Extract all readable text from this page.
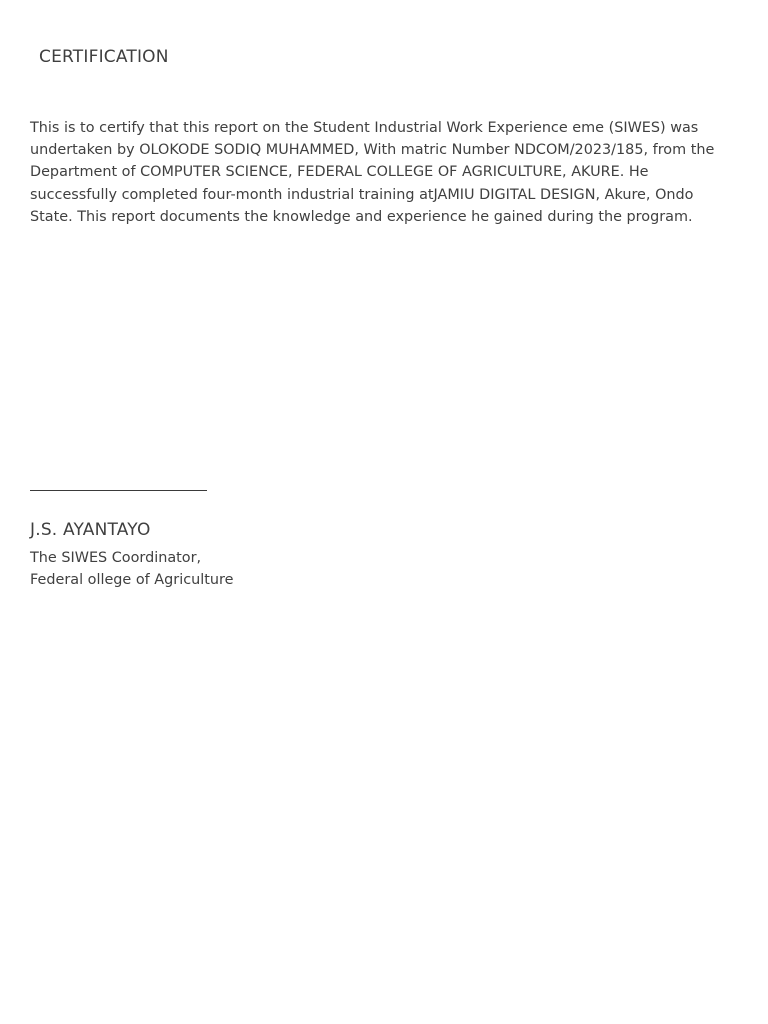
CERTIFICATION

This is to certify that this report on the Student Industrial Work Experience eme (SIWES) was undertaken by OLOKODE SODIQ MUHAMMED, With matric Number NDCOM/2023/185, from the Department of COMPUTER SCIENCE, FEDERAL COLLEGE OF AGRICULTURE, AKURE. He successfully completed four-month industrial training atJAMIU DIGITAL DESIGN, Akure, Ondo State. This report documents the knowledge and experience he gained during the program.

J.S. AYANTAYO
The SIWES Coordinator,
Federal ollege of Agriculture
